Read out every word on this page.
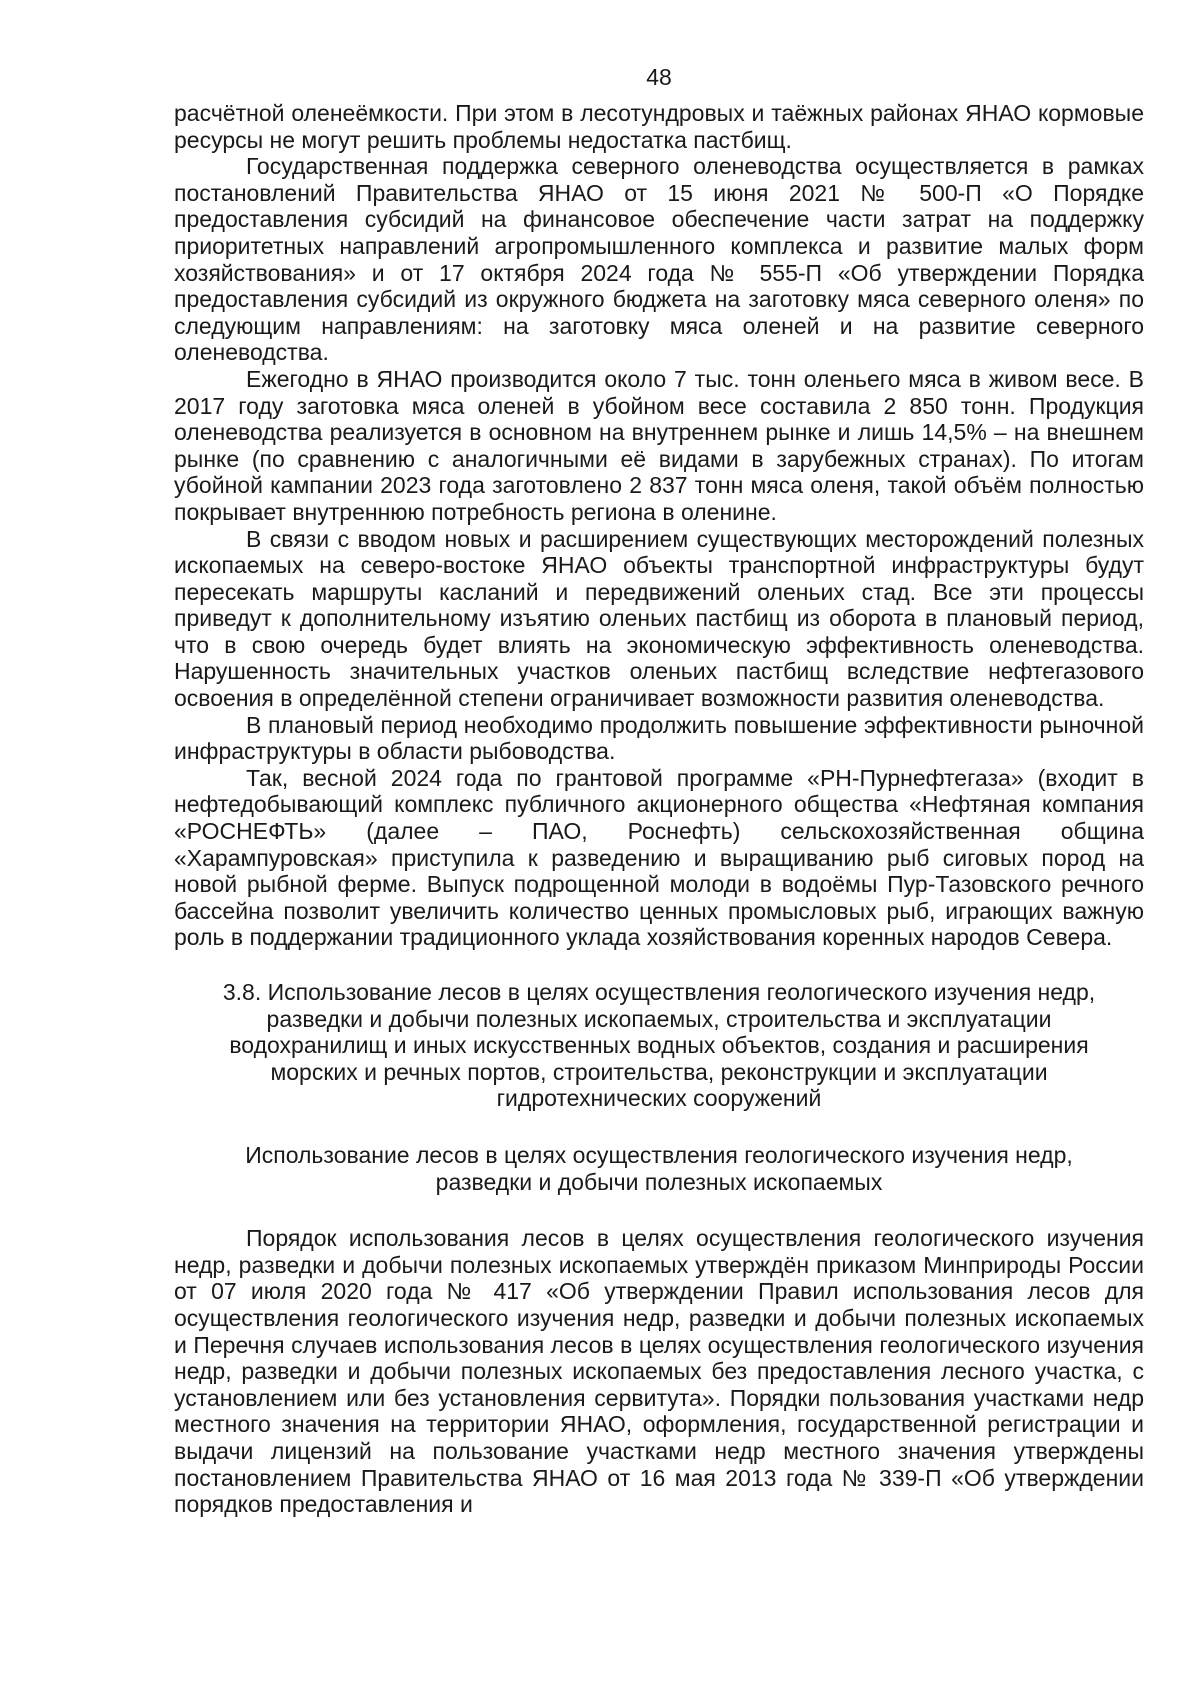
48

расчётной оленеёмкости. При этом в лесотундровых и таёжных районах ЯНАО кормовые ресурсы не могут решить проблемы недостатка пастбищ.

Государственная поддержка северного оленеводства осуществляется в рамках постановлений Правительства ЯНАО от 15 июня 2021 № 500-П «О Порядке предоставления субсидий на финансовое обеспечение части затрат на поддержку приоритетных направлений агропромышленного комплекса и развитие малых форм хозяйствования» и от 17 октября 2024 года № 555-П «Об утверждении Порядка предоставления субсидий из окружного бюджета на заготовку мяса северного оленя» по следующим направлениям: на заготовку мяса оленей и на развитие северного оленеводства.

Ежегодно в ЯНАО производится около 7 тыс. тонн оленьего мяса в живом весе. В 2017 году заготовка мяса оленей в убойном весе составила 2 850 тонн. Продукция оленеводства реализуется в основном на внутреннем рынке и лишь 14,5% – на внешнем рынке (по сравнению с аналогичными её видами в зарубежных странах). По итогам убойной кампании 2023 года заготовлено 2 837 тонн мяса оленя, такой объём полностью покрывает внутреннюю потребность региона в оленине.

В связи с вводом новых и расширением существующих месторождений полезных ископаемых на северо-востоке ЯНАО объекты транспортной инфраструктуры будут пересекать маршруты касланий и передвижений оленьих стад. Все эти процессы приведут к дополнительному изъятию оленьих пастбищ из оборота в плановый период, что в свою очередь будет влиять на экономическую эффективность оленеводства. Нарушенность значительных участков оленьих пастбищ вследствие нефтегазового освоения в определённой степени ограничивает возможности развития оленеводства.

В плановый период необходимо продолжить повышение эффективности рыночной инфраструктуры в области рыбоводства.

Так, весной 2024 года по грантовой программе «РН-Пурнефтегаза» (входит в нефтедобывающий комплекс публичного акционерного общества «Нефтяная компания «РОСНЕФТЬ» (далее – ПАО, Роснефть) сельскохозяйственная община «Харампуровская» приступила к разведению и выращиванию рыб сиговых пород на новой рыбной ферме. Выпуск подрощенной молоди в водоёмы Пур-Тазовского речного бассейна позволит увеличить количество ценных промысловых рыб, играющих важную роль в поддержании традиционного уклада хозяйствования коренных народов Севера.

3.8. Использование лесов в целях осуществления геологического изучения недр, разведки и добычи полезных ископаемых, строительства и эксплуатации водохранилищ и иных искусственных водных объектов, создания и расширения морских и речных портов, строительства, реконструкции и эксплуатации гидротехнических сооружений
Использование лесов в целях осуществления геологического изучения недр, разведки и добычи полезных ископаемых

Порядок использования лесов в целях осуществления геологического изучения недр, разведки и добычи полезных ископаемых утверждён приказом Минприроды России от 07 июля 2020 года № 417 «Об утверждении Правил использования лесов для осуществления геологического изучения недр, разведки и добычи полезных ископаемых и Перечня случаев использования лесов в целях осуществления геологического изучения недр, разведки и добычи полезных ископаемых без предоставления лесного участка, с установлением или без установления сервитута». Порядки пользования участками недр местного значения на территории ЯНАО, оформления, государственной регистрации и выдачи лицензий на пользование участками недр местного значения утверждены постановлением Правительства ЯНАО от 16 мая 2013 года № 339-П «Об утверждении порядков предоставления и
